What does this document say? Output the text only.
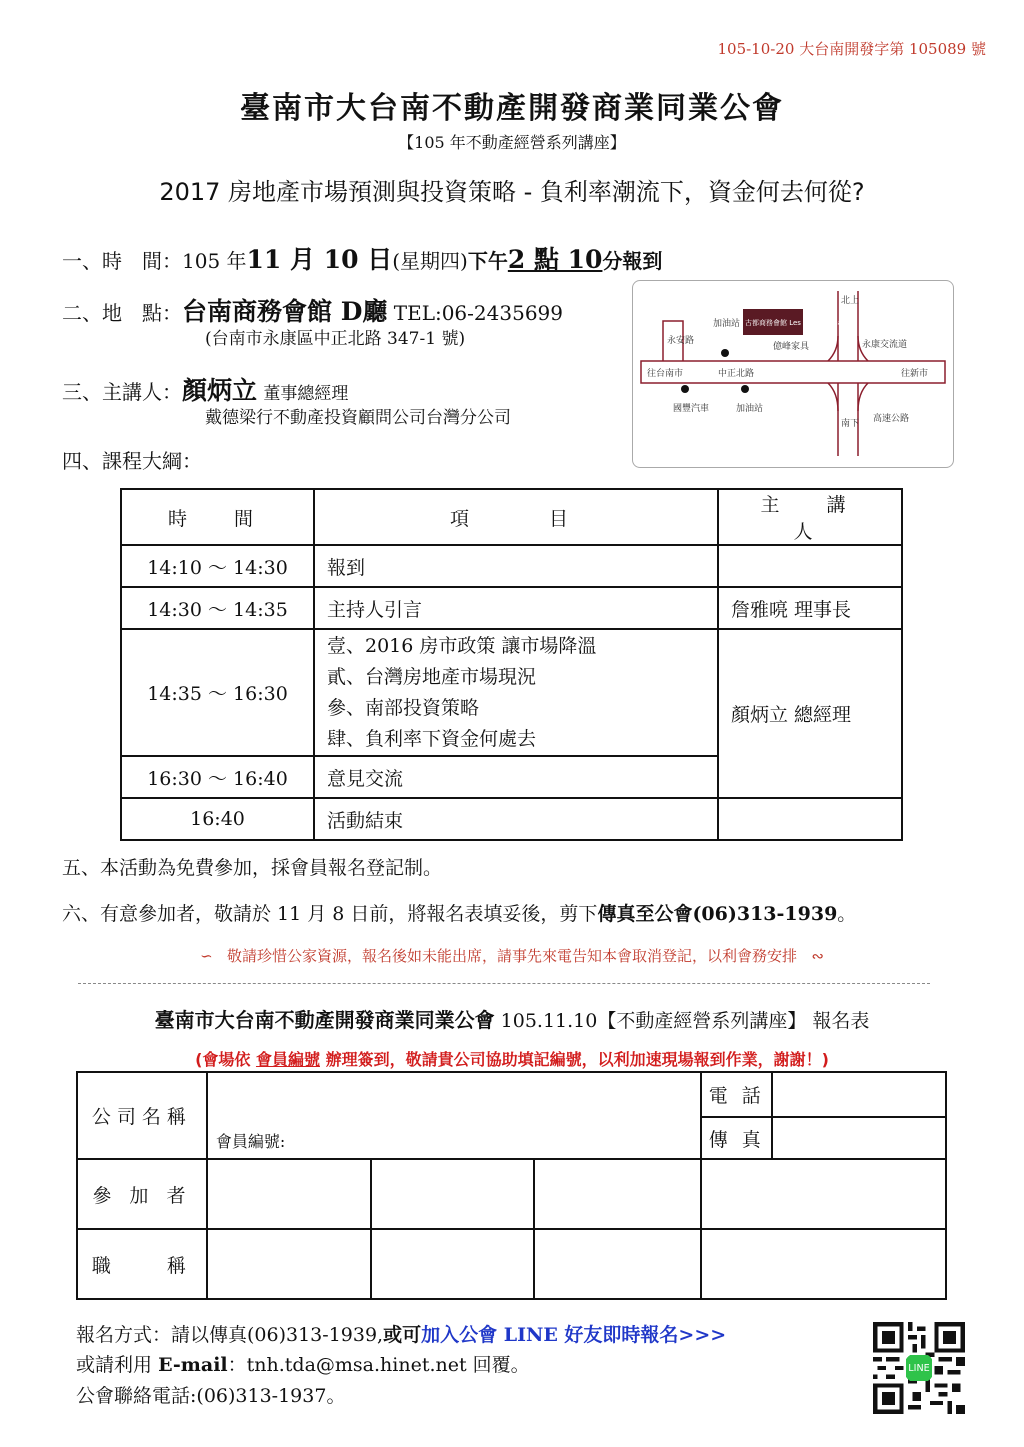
105-10-20 大台南開發字第 105089 號
臺南市大台南不動產開發商業同業公會
【105 年不動產經營系列講座】
2017 房地產市場預測與投資策略 - 負利率潮流下，資金何去何從?
一、時　間：105 年11 月 10 日(星期四)下午2 點 10分報到
二、地　點：台南商務會館 D廳 TEL:06-2435699
(台南市永康區中正北路 347-1 號)
三、主講人：顏炳立 董事總經理
戴德梁行不動產投資顧問公司台灣分公司
四、課程大綱：
北上
永安路
加油站 古都商務會館 Les Hotel Tainan
億峰家具	永康交流道
往台南市	中正北路	往新市
國豐汽車	加油站
南下 高速公路
時　間	項　　目	主　講　人
14:10 ～ 14:30	報到	
14:30 ～ 14:35	主持人引言	詹雅喨 理事長
14:35 ～ 16:30	壹、2016 房市政策 讓市場降溫
貳、台灣房地產市場現況
參、南部投資策略
肆、負利率下資金何處去	顏炳立 總經理
16:30 ～ 16:40	意見交流	
16:40	活動結束	
五、本活動為免費參加，採會員報名登記制。
六、有意參加者，敬請於 11 月 8 日前，將報名表填妥後，剪下傳真至公會(06)313-1939。
∽ 敬請珍惜公家資源，報名後如未能出席，請事先來電告知本會取消登記，以利會務安排 ∾
臺南市大台南不動產開發商業同業公會 105.11.10【不動產經營系列講座】 報名表
(會場依 會員編號 辦理簽到，敬請貴公司協助填記編號，以利加速現場報到作業，謝謝！)
公司名稱	會員編號:			電 話	
				傳 真	
參 加 者					
職　　稱					
報名方式：請以傳真(06)313-1939,或可加入公會 LINE 好友即時報名>>>
或請利用 E-mail：tnh.tda@msa.hinet.net 回覆。
公會聯絡電話:(06)313-1937。
LINE
